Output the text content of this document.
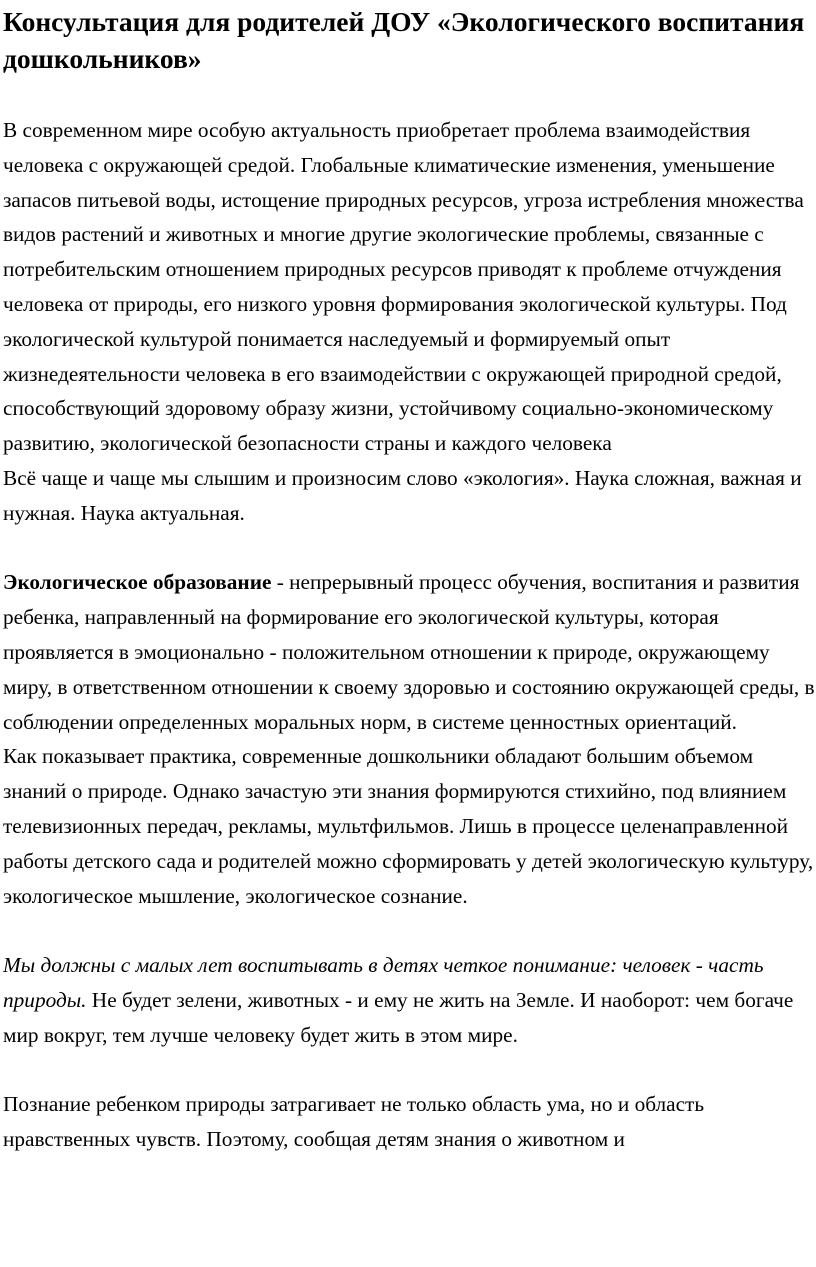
Консультация для родителей ДОУ «Экологического воспитания дошкольников»

В современном мире особую актуальность приобретает проблема взаимодействия человека с окружающей средой. Глобальные климатические изменения, уменьшение запасов питьевой воды, истощение природных ресурсов, угроза истребления множества видов растений и животных и многие другие экологические проблемы, связанные с потребительским отношением природных ресурсов приводят к проблеме отчуждения человека от природы, его низкого уровня формирования экологической культуры. Под экологической культурой понимается наследуемый и формируемый опыт жизнедеятельности человека в его взаимодействии с окружающей природной средой, способствующий здоровому образу жизни, устойчивому социально-экономическому развитию, экологической безопасности страны и каждого человека

Всё чаще и чаще мы слышим и произносим слово «экология». Наука сложная, важная и нужная. Наука актуальная.

Экологическое образование - непрерывный процесс обучения, воспитания и развития ребенка, направленный на формирование его экологической культуры, которая проявляется в эмоционально - положительном отношении к природе, окружающему миру, в ответственном отношении к своему здоровью и состоянию окружающей среды, в соблюдении определенных моральных норм, в системе ценностных ориентаций.

Как показывает практика, современные дошкольники обладают большим объемом знаний о природе. Однако зачастую эти знания формируются стихийно, под влиянием телевизионных передач, рекламы, мультфильмов. Лишь в процессе целенаправленной работы детского сада и родителей можно сформировать у детей экологическую культуру, экологическое мышление, экологическое сознание.

Мы должны с малых лет воспитывать в детях четкое понимание: человек - часть природы. Не будет зелени, животных - и ему не жить на Земле. И наоборот: чем богаче мир вокруг, тем лучше человеку будет жить в этом мире.

Познание ребенком природы затрагивает не только область ума, но и область нравственных чувств. Поэтому, сообщая детям знания о животном и
